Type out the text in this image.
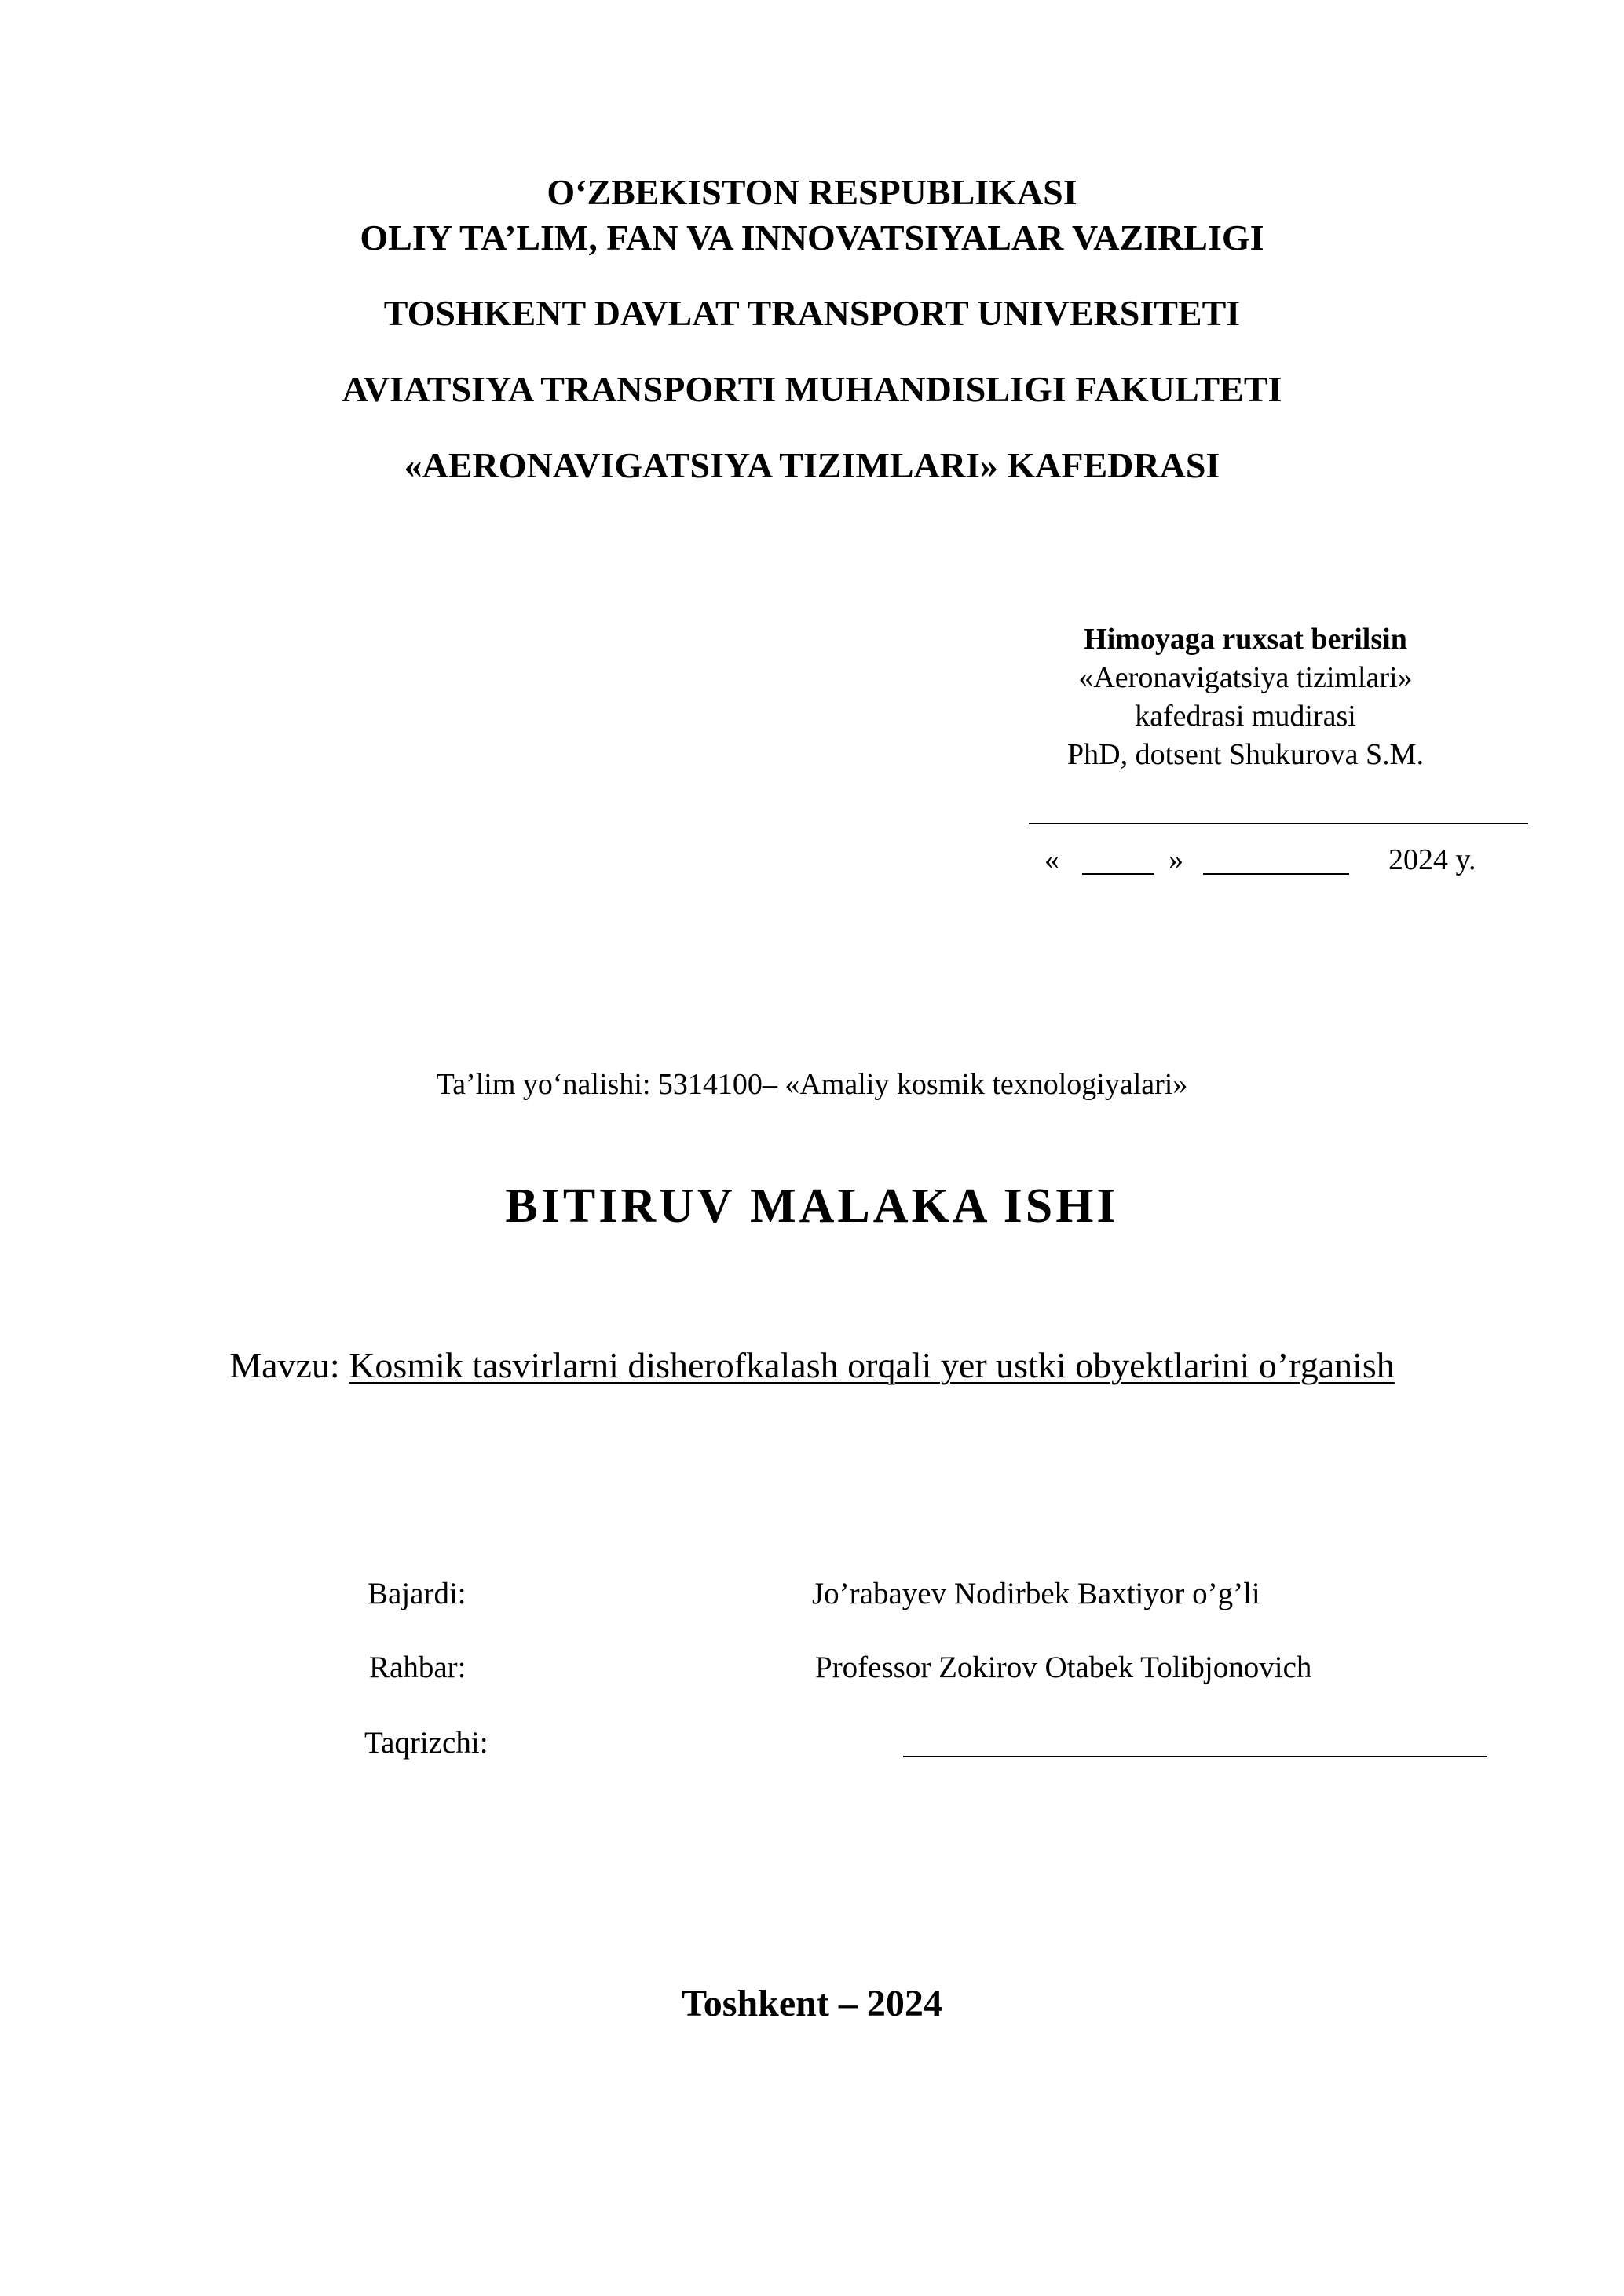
O‘ZBEKISTON RESPUBLIKASI
OLIY TA’LIM, FAN VA INNOVATSIYALAR VAZIRLIGI
TOSHKENT DAVLAT TRANSPORT UNIVERSITETI
AVIATSIYA TRANSPORTI MUHANDISLIGI FAKULTETI
«AERONAVIGATSIYA TIZIMLARI» KAFEDRASI
Himoyaga ruxsat berilsin
«Aeronavigatsiya tizimlari»
kafedrasi mudirasi
PhD, dotsent Shukurova S.M.
«	»	2024 y.
Ta’lim yo‘nalishi: 5314100– «Amaliy kosmik texnologiyalari»
BITIRUV MALAKA ISHI
Mavzu: Kosmik tasvirlarni disherofkalash orqali yer ustki obyektlarini o’rganish
Bajardi:	Jo’rabayev Nodirbek Baxtiyor o’g’li
Rahbar:	Professor Zokirov Otabek Tolibjonovich
Taqrizchi:
Toshkent – 2024
